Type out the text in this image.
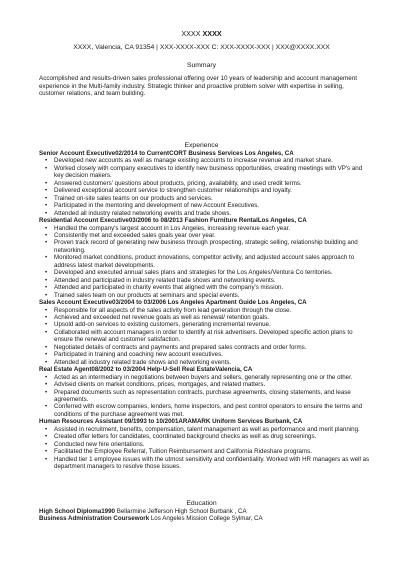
XXXX XXXX
XXXX, Valencia, CA 91354 | XXX-XXXX-XXX C: XXX-XXXX-XXX | XXX@XXXX.XXX
Summary
Accomplished and results-driven sales professional offering over 10 years of leadership and account management experience in the Multi-family industry. Strategic thinker and proactive problem solver with expertise in selling, customer relations, and team building.
Experience
Senior Account Executive02/2014 to CurrentCORT Business Services Los Angeles, CA
• Developed new accounts as well as manage existing accounts to increase revenue and market share.
• Worked closely with company executives to identify new business opportunities, creating meetings with VP's and key decision makers.
• Answered customers' questions about products, pricing, availability, and used credit terms.
• Delivered exceptional account service to strengthen customer relationships and loyalty.
• Trained on-site sales teams on our products and services.
• Participated in the mentoring and development of new Account Executives.
• Attended all industry related networking events and trade shows.
Residential Account Executive03/2006 to 08/2013 Fashion Furniture RentalLos Angeles, CA
• Handled the company's largest account in Los Angeles, increasing revenue each year.
• Consistently met and exceeded sales goals year over year.
• Proven track record of generating new business through prospecting, strategic selling, relationship building and networking.
• Monitored market conditions, product innovations, competitor activity, and adjusted account sales approach to address latest market developments.
• Developed and executed annual sales plans and strategies for the Los Angeles/Ventura Co territories.
• Attended and participated in industry related trade shows and networking events.
• Attended and participated in charity events that aligned with the company's mission.
• Trained sales team on our products at seminars and special events.
Sales Account Executive03/2004 to 03/2006 Los Angeles Apartment Guide Los Angeles, CA
• Responsible for all aspects of the sales activity from lead generation through the close.
• Achieved and exceeded net revenue goals as well as renewal/ retention goals.
• Upsold add-on services to existing customers, generating incremental revenue.
• Collaborated with account managers in order to identify at risk advertisers. Developed specific action plans to ensure the renewal and customer satisfaction.
• Negotiated details of contracts and payments and prepared sales contracts and order forms.
• Participated in training and coaching new account executives.
• Attended all industry related trade shows and networking events.
Real Estate Agent08/2002 to 03/2004 Help-U-Sell Real EstateValencia, CA
• Acted as an intermediary in negotiations between buyers and sellers, generally representing one or the other.
• Advised clients on market conditions, prices, mortgages, and related matters.
• Prepared documents such as representation contracts, purchase agreements, closing statements, and lease agreements.
• Conferred with escrow companies, lenders, home inspectors, and pest control operators to ensure the terms and conditions of the purchase agreement was met.
Human Resources Assistant 09/1993 to 10/2001ARAMARK Uniform Services Burbank, CA
• Assisted in recruitment, benefits, compensation, talent management as well as performance and merit planning.
• Created offer letters for candidates, coordinated background checks as well as drug screenings.
• Conducted new hire orientations.
• Facilitated the Employee Referral, Tuition Reimbursement and California Rideshare programs.
• Handled tier 1 employee issues with the utmost sensitivity and confidentiality. Worked with HR managers as well as department managers to resolve those issues.
Education
High School Diploma1990 Bellarmine Jefferson High School Burbank , CA
Business Administration Coursework Los Angeles Mission College Sylmar, CA
